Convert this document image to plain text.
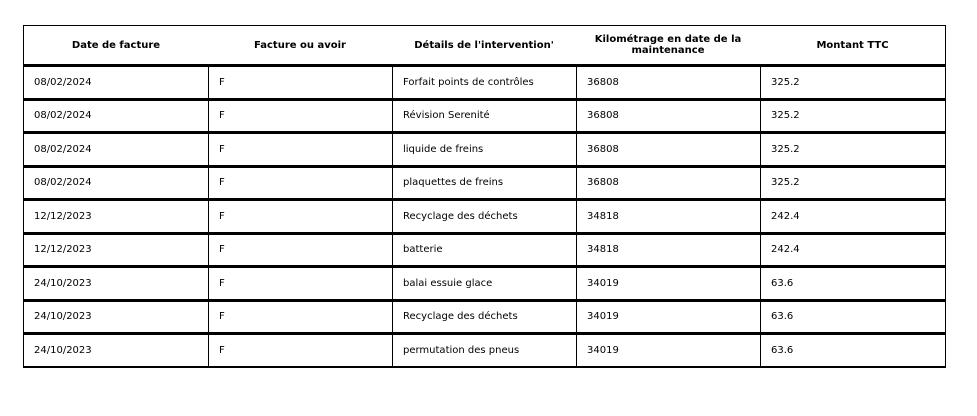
Date de facture	Facture ou avoir	Détails de l'intervention'	Kilométrage en date de la maintenance	Montant TTC
08/02/2024	F	Forfait points de contrôles	36808	325.2
08/02/2024	F	Révision Serenité	36808	325.2
08/02/2024	F	liquide de freins	36808	325.2
08/02/2024	F	plaquettes de freins	36808	325.2
12/12/2023	F	Recyclage des déchets	34818	242.4
12/12/2023	F	batterie	34818	242.4
24/10/2023	F	balai essuie glace	34019	63.6
24/10/2023	F	Recyclage des déchets	34019	63.6
24/10/2023	F	permutation des pneus	34019	63.6
